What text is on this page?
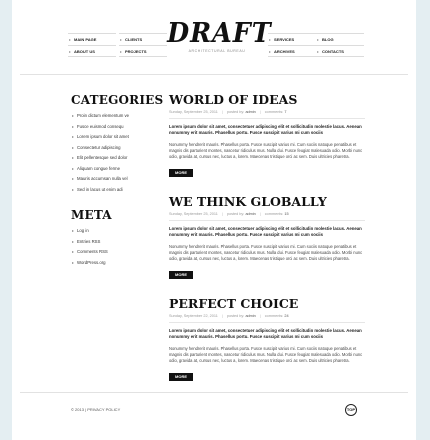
MAIN PAGE
ABOUT US
CLIENTS
PROJECTS
DRAFT
ARCHITECTURAL BUREAU
SERVICES
ARCHIVES
BLOG
CONTACTS
CATEGORIES
Proin dictum elementum ve
Fusce euismod consequ
Lorem ipsum dolor sit amet
Consectetur adipiscing
Elit pellentesque sed dolor
Aliquam congue ferme
Mauris accumsan nulla vel
Sed in lacus ut enim adi
META
Log in
Entries RSS
Comments RSS
WordPress.org
WORLD OF IDEAS
Sunday, September 25, 2011 | posted by: admin | comments: 7

Lorem ipsum dolor sit amet, consectetuer adipiscing elit et sollicitudin molestie lacus. Aenean nonummy erit mauris. Phasellus portu. Fusce suscipit varius mi cum sociis

Nonummy hendrerit mauris. Phasellus porta. Fusce suscipit varius mi. Cum sociis natoque penatibus et magnis dis parturient montes, nascetur ridiculus mus. Nulla dui. Fusce feugiat malesuada odio. Morbi nunc odio, gravida at, cursus nec, luctus a, lorem. Maecenas tristique orci ac sem. Duis ultricies pharetra.

MORE
WE THINK GLOBALLY
Sunday, September 25, 2011 | posted by: admin | comments: 15

Lorem ipsum dolor sit amet, consectetuer adipiscing elit et sollicitudin molestie lacus. Aenean nonummy erit mauris. Phasellus portu. Fusce suscipit varius mi cum sociis

Nonummy hendrerit mauris. Phasellus porta. Fusce suscipit varius mi. Cum sociis natoque penatibus et magnis dis parturient montes, nascetur ridiculus mus. Nulla dui. Fusce feugiat malesuada odio. Morbi nunc odio, gravida at, cursus nec, luctus a, lorem. Maecenas tristique orci ac sem. Duis ultricies pharetra.

MORE
PERFECT CHOICE
Sunday, September 22, 2011 | posted by: admin | comments: 24

Lorem ipsum dolor sit amet, consectetuer adipiscing elit et sollicitudin molestie lacus. Aenean nonummy erit mauris. Phasellus portu. Fusce suscipit varius mi cum sociis

Nonummy hendrerit mauris. Phasellus porta. Fusce suscipit varius mi. Cum sociis natoque penatibus et magnis dis parturient montes, nascetur ridiculus mus. Nulla dui. Fusce feugiat malesuada odio. Morbi nunc odio, gravida at, cursus nec, luctus a, lorem. Maecenas tristique orci ac sem. Duis ultricies pharetra.

MORE
© 2013 | PRIVACY POLICY	TOP
